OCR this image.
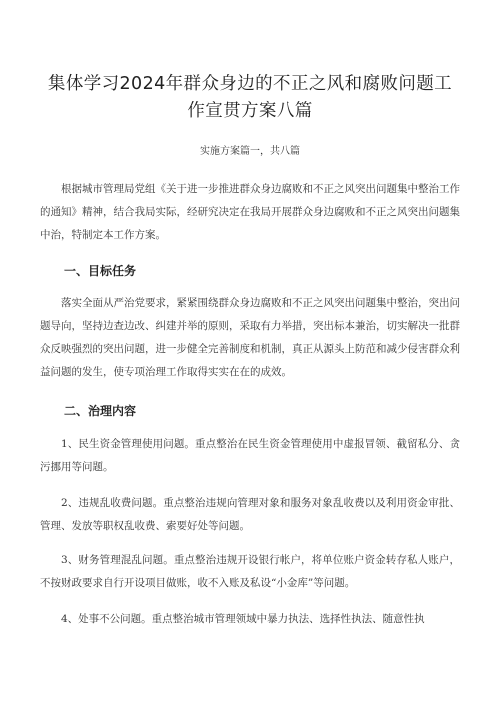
集体学习2024年群众身边的不正之风和腐败问题工作宣贯方案八篇
实施方案篇一，共八篇

根据城市管理局党组《关于进一步推进群众身边腐败和不正之风突出问题集中整治工作的通知》精神，结合我局实际，经研究决定在我局开展群众身边腐败和不正之风突出问题集中治，特制定本工作方案。

一、目标任务

落实全面从严治党要求，紧紧围绕群众身边腐败和不正之风突出问题集中整治，突出问题导向，坚持边查边改、纠建并举的原则，采取有力举措，突出标本兼治，切实解决一批群众反映强烈的突出问题，进一步健全完善制度和机制，真正从源头上防范和减少侵害群众利益问题的发生，使专项治理工作取得实实在在的成效。

二、治理内容

1、民生资金管理使用问题。重点整治在民生资金管理使用中虚报冒领、截留私分、贪污挪用等问题。

2、违规乱收费问题。重点整治违规向管理对象和服务对象乱收费以及利用资金审批、管理、发放等职权乱收费、索要好处等问题。

3、财务管理混乱问题。重点整治违规开设银行帐户，将单位账户资金转存私人账户，不按财政要求自行开设项目做账，收不入账及私设“小金库”等问题。

4、处事不公问题。重点整治城市管理领域中暴力执法、选择性执法、随意性执
